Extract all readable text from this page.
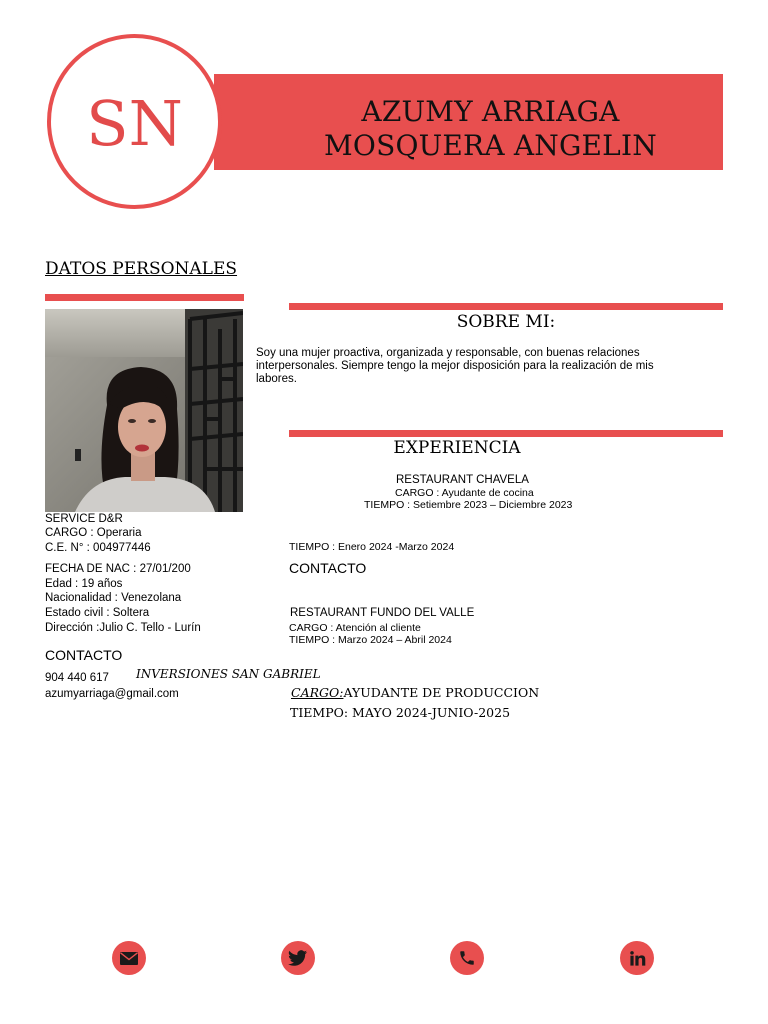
AZUMY ARRIAGA
MOSQUERA ANGELIN
SN
DATOS PERSONALES
SERVICE D&R
CARGO : Operaria
C.E. N° : 004977446
FECHA DE NAC : 27/01/200
Edad : 19 años
Nacionalidad : Venezolana
Estado civil : Soltera
Dirección :Julio C. Tello - Lurín
CONTACTO
904 440 617
azumyarriaga@gmail.com
SOBRE MI:
Soy una mujer proactiva, organizada y responsable, con buenas relaciones interpersonales. Siempre tengo la mejor disposición para la realización de mis labores.
EXPERIENCIA
RESTAURANT CHAVELA
CARGO : Ayudante de cocina
TIEMPO : Setiembre 2023 – Diciembre 2023
TIEMPO : Enero 2024 -Marzo 2024
CONTACTO
RESTAURANT FUNDO DEL VALLE
CARGO : Atención al cliente
TIEMPO : Marzo 2024 – Abril 2024
INVERSIONES SAN GABRIEL
CARGO:AYUDANTE DE PRODUCCION
TIEMPO: MAYO 2024-JUNIO-2025
